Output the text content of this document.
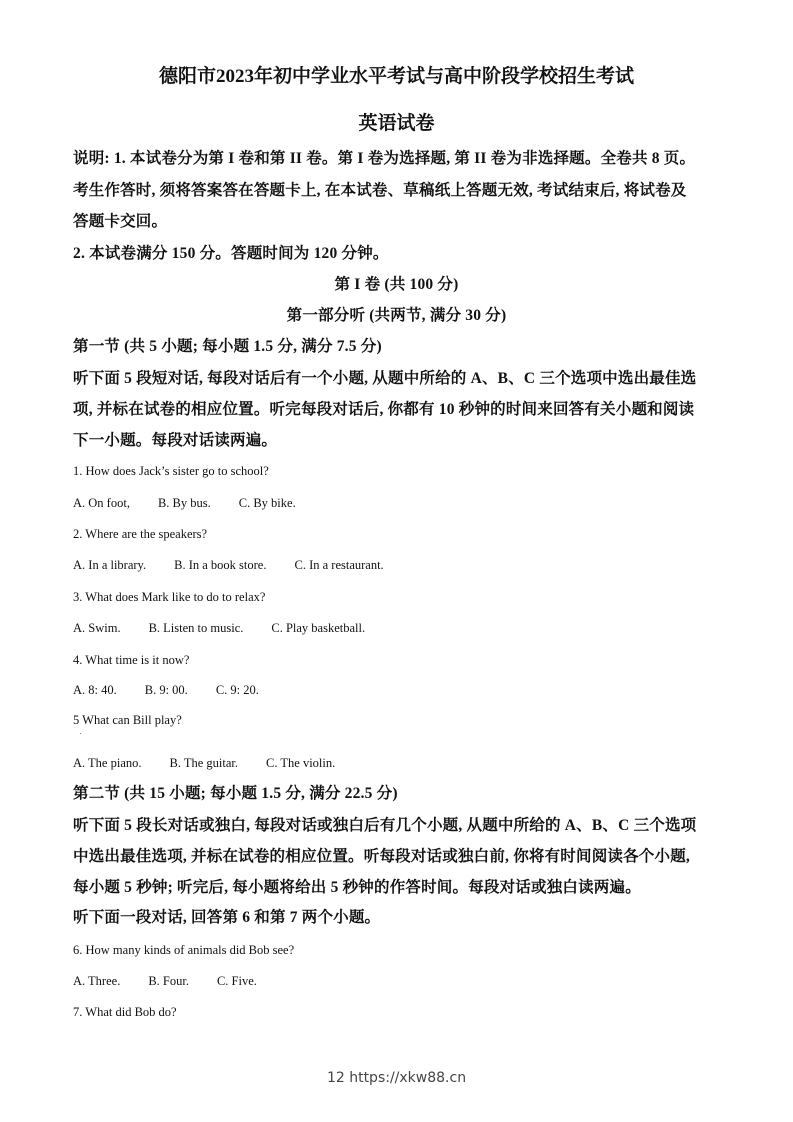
德阳市2023年初中学业水平考试与高中阶段学校招生考试
英语试卷
说明: 1. 本试卷分为第 I 卷和第 II 卷。第 I 卷为选择题, 第 II 卷为非选择题。全卷共 8 页。
考生作答时, 须将答案答在答题卡上, 在本试卷、草稿纸上答题无效, 考试结束后, 将试卷及
答题卡交回。
2. 本试卷满分 150 分。答题时间为 120 分钟。
第 I 卷 (共 100 分)
第一部分听 (共两节, 满分 30 分)
第一节 (共 5 小题; 每小题 1.5 分, 满分 7.5 分)
听下面 5 段短对话, 每段对话后有一个小题, 从题中所给的 A、B、C 三个选项中选出最佳选
项, 并标在试卷的相应位置。听完每段对话后, 你都有 10 秒钟的时间来回答有关小题和阅读
下一小题。每段对话读两遍。
1. How does Jack’s sister go to school?
A. On foot, B. By bus. C. By bike.
2. Where are the speakers?
A. In a library. B. In a book store. C. In a restaurant.
3. What does Mark like to do to relax?
A. Swim. B. Listen to music. C. Play basketball.
4. What time is it now?
A. 8: 40. B. 9: 00. C. 9: 20.
5 What can Bill play?
A. The piano. B. The guitar. C. The violin.
第二节 (共 15 小题; 每小题 1.5 分, 满分 22.5 分)
听下面 5 段长对话或独白, 每段对话或独白后有几个小题, 从题中所给的 A、B、C 三个选项
中选出最佳选项, 并标在试卷的相应位置。听每段对话或独白前, 你将有时间阅读各个小题,
每小题 5 秒钟; 听完后, 每小题将给出 5 秒钟的作答时间。每段对话或独白读两遍。
听下面一段对话, 回答第 6 和第 7 两个小题。
6. How many kinds of animals did Bob see?
A. Three. B. Four. C. Five.
7. What did Bob do?
12 https://xkw88.cn
